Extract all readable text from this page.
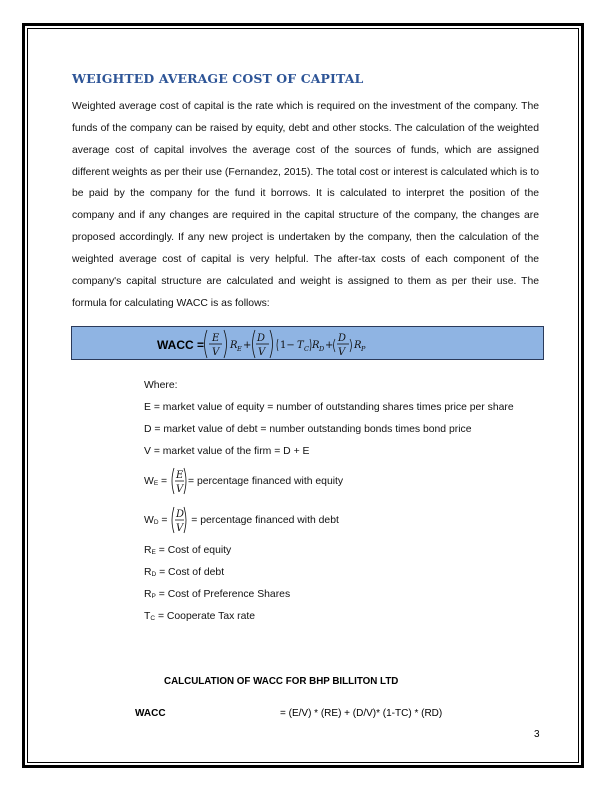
WEIGHTED AVERAGE COST OF CAPITAL

Weighted average cost of capital is the rate which is required on the investment of the company. The funds of the company can be raised by equity, debt and other stocks. The calculation of the weighted average cost of capital involves the average cost of the sources of funds, which are assigned different weights as per their use (Fernandez, 2015). The total cost or interest is calculated which is to be paid by the company for the fund it borrows. It is calculated to interpret the position of the company and if any changes are required in the capital structure of the company, the changes are proposed accordingly. If any new project is undertaken by the company, then the calculation of the weighted average cost of capital is very helpful. The after-tax costs of each component of the company's capital structure are calculated and weight is assigned to them as per their use. The formula for calculating WACC is as follows:

WACC = E
V
R E +
D
V
1− T C R D +
D
V
R P

Where:

E = market value of equity = number of outstanding shares times price per share

D = market value of debt = number outstanding bonds times bond price

V = market value of the firm = D + E

$W_E$ =
E
V
= percentage financed with equity

$W_D$ =
D
V
= percentage financed with debt

$R_E$ = Cost of equity

$R_D$ = Cost of debt

$R_P$ = Cost of Preference Shares

$T_C$ = Cooperate Tax rate

CALCULATION OF WACC FOR BHP BILLITON LTD

WACC	= (E/V) * (RE) + (D/V)* (1-TC) * (RD)
3
